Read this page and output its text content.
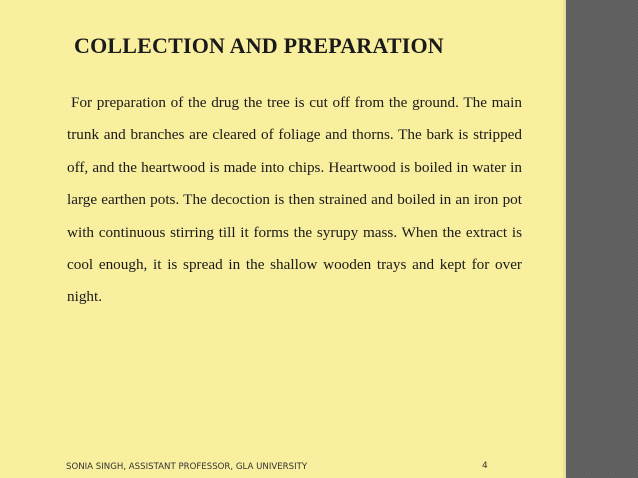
COLLECTION AND PREPARATION

For preparation of the drug the tree is cut off from the ground. The main trunk and branches are cleared of foliage and thorns. The bark is stripped off, and the heartwood is made into chips. Heartwood is boiled in water in large earthen pots. The decoction is then strained and boiled in an iron pot with continuous stirring till it forms the syrupy mass. When the extract is cool enough, it is spread in the shallow wooden trays and kept for over night.

SONIA SINGH, ASSISTANT PROFESSOR, GLA UNIVERSITY	4
